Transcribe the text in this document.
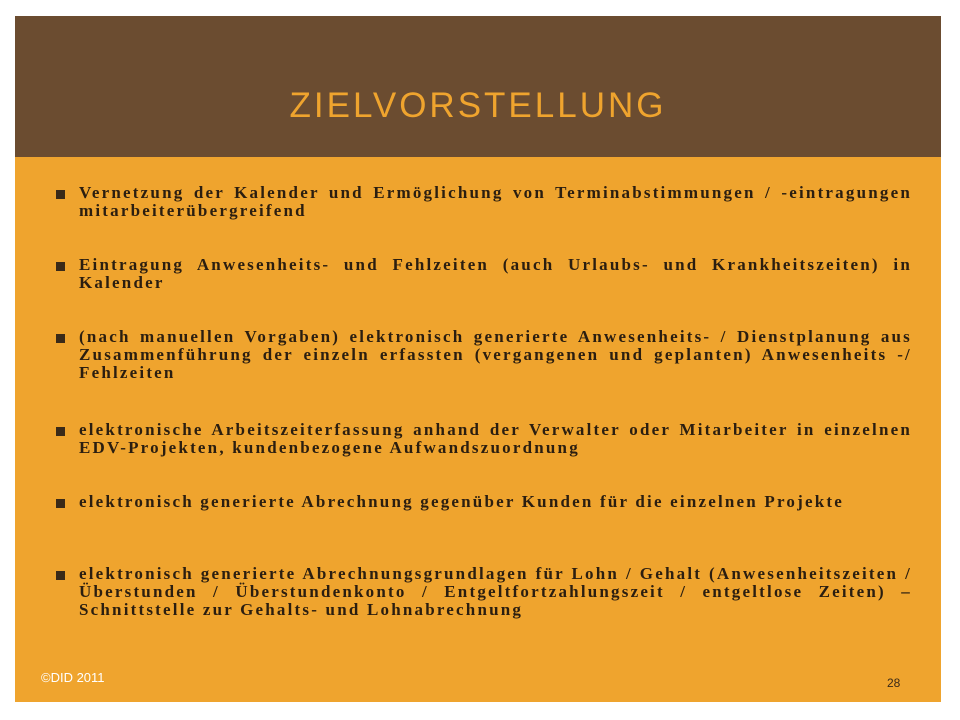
ZIELVORSTELLUNG
Vernetzung der Kalender und Ermöglichung von Terminabstimmungen / -eintragungen mitarbeiterübergreifend
Eintragung Anwesenheits- und Fehlzeiten (auch Urlaubs- und Krankheitszeiten) in Kalender
(nach manuellen Vorgaben) elektronisch generierte Anwesenheits- / Dienstplanung aus Zusammenführung der einzeln erfassten (vergangenen und geplanten) Anwesenheits -/ Fehlzeiten
elektronische Arbeitszeiterfassung anhand der Verwalter oder Mitarbeiter in einzelnen EDV-Projekten, kundenbezogene Aufwandszuordnung
elektronisch generierte Abrechnung gegenüber Kunden für die einzelnen Projekte
elektronisch generierte Abrechnungsgrundlagen für Lohn / Gehalt (Anwesenheitszeiten / Überstunden / Überstundenkonto / Entgeltfortzahlungszeit / entgeltlose Zeiten) – Schnittstelle zur Gehalts- und Lohnabrechnung
©DID 2011	28
